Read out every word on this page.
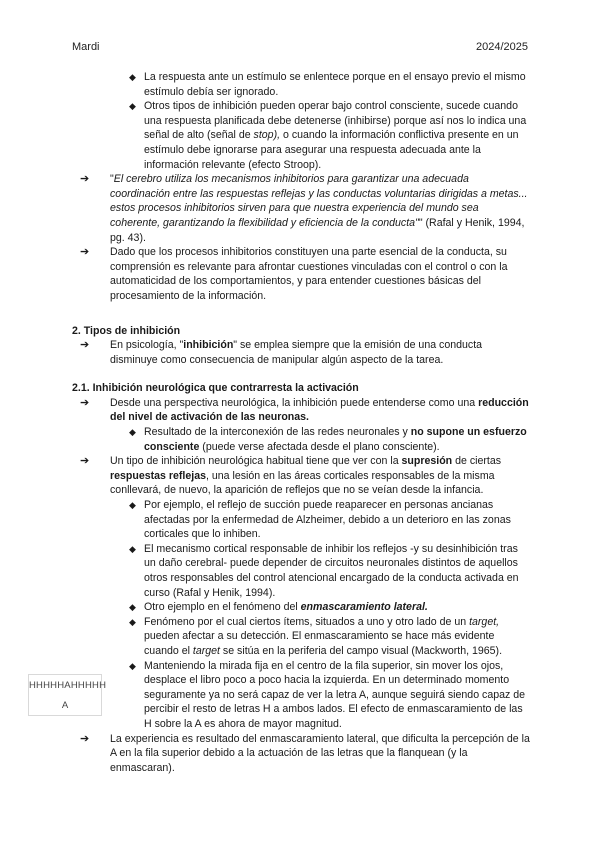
Mardi	2024/2025
◆ La respuesta ante un estímulo se enlentece porque en el ensayo previo el mismo estímulo debía ser ignorado.
◆ Otros tipos de inhibición pueden operar bajo control consciente, sucede cuando una respuesta planificada debe detenerse (inhibirse) porque así nos lo indica una señal de alto (señal de stop), o cuando la información conflictiva presente en un estímulo debe ignorarse para asegurar una respuesta adecuada ante la información relevante (efecto Stroop).
➔ "El cerebro utiliza los mecanismos inhibitorios para garantizar una adecuada coordinación entre las respuestas reflejas y las conductas voluntarias dirigidas a metas... estos procesos inhibitorios sirven para que nuestra experiencia del mundo sea coherente, garantizando la flexibilidad y eficiencia de la conducta"" (Rafal y Henik, 1994, pg. 43).
➔ Dado que los procesos inhibitorios constituyen una parte esencial de la conducta, su comprensión es relevante para afrontar cuestiones vinculadas con el control o con la automaticidad de los comportamientos, y para entender cuestiones básicas del procesamiento de la información.

2. Tipos de inhibición

➔ En psicología, "inhibición" se emplea siempre que la emisión de una conducta disminuye como consecuencia de manipular algún aspecto de la tarea.

2.1. Inhibición neurológica que contrarresta la activación

➔ Desde una perspectiva neurológica, la inhibición puede entenderse como una reducción del nivel de activación de las neuronas.
◆ Resultado de la interconexión de las redes neuronales y no supone un esfuerzo consciente (puede verse afectada desde el plano consciente).
➔ Un tipo de inhibición neurológica habitual tiene que ver con la supresión de ciertas respuestas reflejas, una lesión en las áreas corticales responsables de la misma conllevará, de nuevo, la aparición de reflejos que no se veían desde la infancia.
◆ Por ejemplo, el reflejo de succión puede reaparecer en personas ancianas afectadas por la enfermedad de Alzheimer, debido a un deterioro en las zonas corticales que lo inhiben.
◆ El mecanismo cortical responsable de inhibir los reflejos -y su desinhibición tras un daño cerebral- puede depender de circuitos neuronales distintos de aquellos otros responsables del control atencional encargado de la conducta activada en curso (Rafal y Henik, 1994).
◆ Otro ejemplo en el fenómeno del enmascaramiento lateral.
◆ Fenómeno por el cual ciertos ítems, situados a uno y otro lado de un target, pueden afectar a su detección. El enmascaramiento se hace más evidente cuando el target se sitúa en la periferia del campo visual (Mackworth, 1965).
◆ Manteniendo la mirada fija en el centro de la fila superior, sin mover los ojos, desplace el libro poco a poco hacia la izquierda. En un determinado momento seguramente ya no será capaz de ver la letra A, aunque seguirá siendo capaz de percibir el resto de letras H a ambos lados. El efecto de enmascaramiento de las H sobre la A es ahora de mayor magnitud.
➔ La experiencia es resultado del enmascaramiento lateral, que dificulta la percepción de la A en la fila superior debido a la actuación de las letras que la flanquean (y la enmascaran).
HHHHHAHHHHH
A
